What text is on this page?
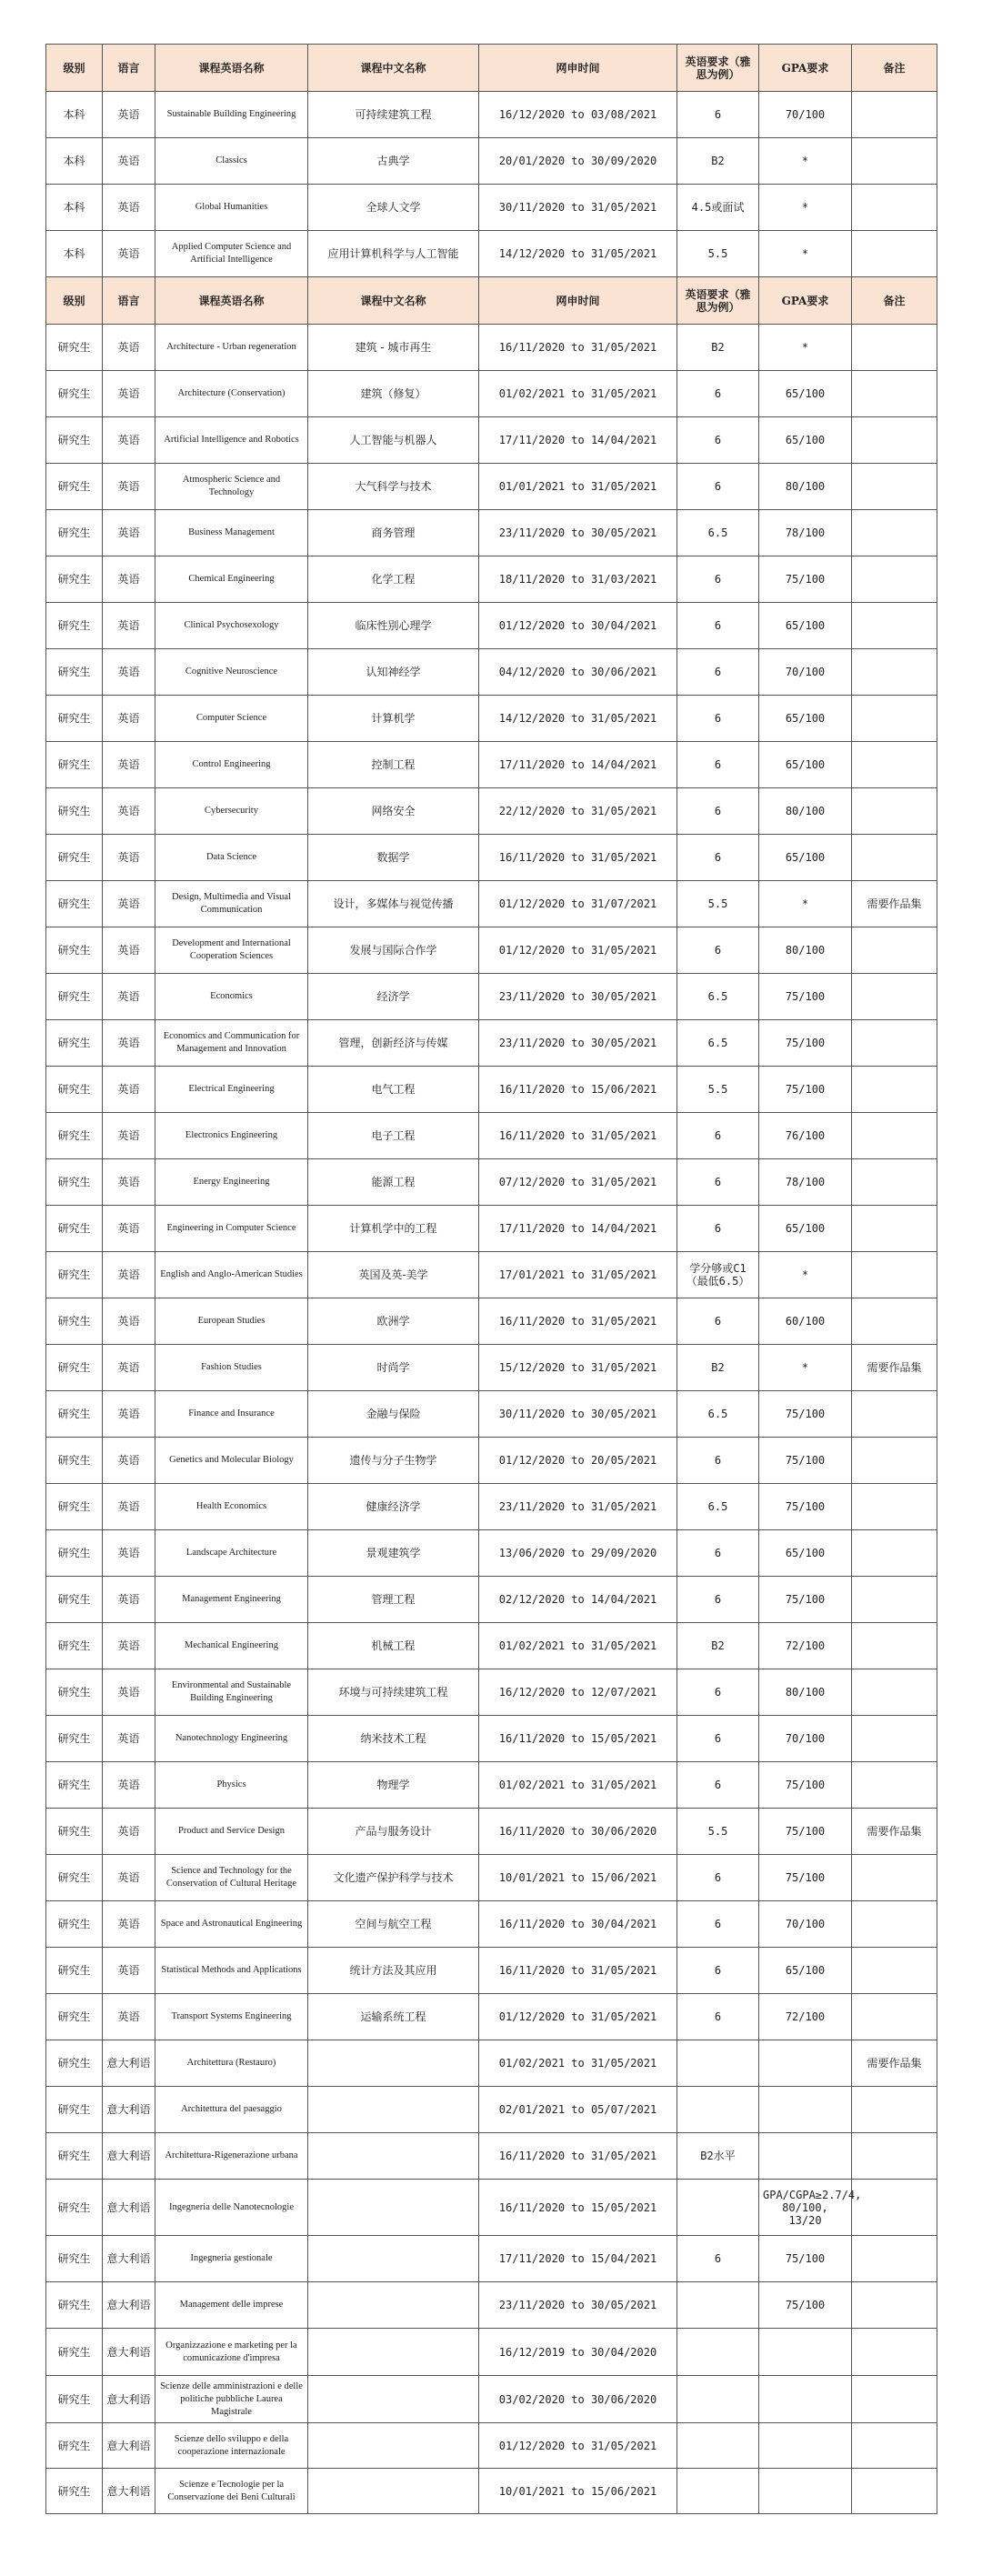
级别	语言	课程英语名称	课程中文名称	网申时间	英语要求（雅思为例）	GPA要求	备注
本科	英语	Sustainable Building Engineering	可持续建筑工程	16/12/2020 to 03/08/2021	6	70/100	
本科	英语	Classics	古典学	20/01/2020 to 30/09/2020	B2	*	
本科	英语	Global Humanities	全球人文学	30/11/2020 to 31/05/2021	4.5或面试	*	
本科	英语	Applied Computer Science and Artificial Intelligence	应用计算机科学与人工智能	14/12/2020 to 31/05/2021	5.5	*	
级别	语言	课程英语名称	课程中文名称	网申时间	英语要求（雅思为例）	GPA要求	备注
研究生	英语	Architecture - Urban regeneration	建筑 - 城市再生	16/11/2020 to 31/05/2021	B2	*	
研究生	英语	Architecture (Conservation)	建筑（修复）	01/02/2021 to 31/05/2021	6	65/100	
研究生	英语	Artificial Intelligence and Robotics	人工智能与机器人	17/11/2020 to 14/04/2021	6	65/100	
研究生	英语	Atmospheric Science and Technology	大气科学与技术	01/01/2021 to 31/05/2021	6	80/100	
研究生	英语	Business Management	商务管理	23/11/2020 to 30/05/2021	6.5	78/100	
研究生	英语	Chemical Engineering	化学工程	18/11/2020 to 31/03/2021	6	75/100	
研究生	英语	Clinical Psychosexology	临床性别心理学	01/12/2020 to 30/04/2021	6	65/100	
研究生	英语	Cognitive Neuroscience	认知神经学	04/12/2020 to 30/06/2021	6	70/100	
研究生	英语	Computer Science	计算机学	14/12/2020 to 31/05/2021	6	65/100	
研究生	英语	Control Engineering	控制工程	17/11/2020 to 14/04/2021	6	65/100	
研究生	英语	Cybersecurity	网络安全	22/12/2020 to 31/05/2021	6	80/100	
研究生	英语	Data Science	数据学	16/11/2020 to 31/05/2021	6	65/100	
研究生	英语	Design, Multimedia and Visual Communication	设计，多媒体与视觉传播	01/12/2020 to 31/07/2021	5.5	*	需要作品集
研究生	英语	Development and International Cooperation Sciences	发展与国际合作学	01/12/2020 to 31/05/2021	6	80/100	
研究生	英语	Economics	经济学	23/11/2020 to 30/05/2021	6.5	75/100	
研究生	英语	Economics and Communication for Management and Innovation	管理，创新经济与传媒	23/11/2020 to 30/05/2021	6.5	75/100	
研究生	英语	Electrical Engineering	电气工程	16/11/2020 to 15/06/2021	5.5	75/100	
研究生	英语	Electronics Engineering	电子工程	16/11/2020 to 31/05/2021	6	76/100	
研究生	英语	Energy Engineering	能源工程	07/12/2020 to 31/05/2021	6	78/100	
研究生	英语	Engineering in Computer Science	计算机学中的工程	17/11/2020 to 14/04/2021	6	65/100	
研究生	英语	English and Anglo-American Studies	英国及英-美学	17/01/2021 to 31/05/2021	学分够或C1（最低6.5）	*	
研究生	英语	European Studies	欧洲学	16/11/2020 to 31/05/2021	6	60/100	
研究生	英语	Fashion Studies	时尚学	15/12/2020 to 31/05/2021	B2	*	需要作品集
研究生	英语	Finance and Insurance	金融与保险	30/11/2020 to 30/05/2021	6.5	75/100	
研究生	英语	Genetics and Molecular Biology	遗传与分子生物学	01/12/2020 to 20/05/2021	6	75/100	
研究生	英语	Health Economics	健康经济学	23/11/2020 to 31/05/2021	6.5	75/100	
研究生	英语	Landscape Architecture	景观建筑学	13/06/2020 to 29/09/2020	6	65/100	
研究生	英语	Management Engineering	管理工程	02/12/2020 to 14/04/2021	6	75/100	
研究生	英语	Mechanical Engineering	机械工程	01/02/2021 to 31/05/2021	B2	72/100	
研究生	英语	Environmental and Sustainable Building Engineering	环境与可持续建筑工程	16/12/2020 to 12/07/2021	6	80/100	
研究生	英语	Nanotechnology Engineering	纳米技术工程	16/11/2020 to 15/05/2021	6	70/100	
研究生	英语	Physics	物理学	01/02/2021 to 31/05/2021	6	75/100	
研究生	英语	Product and Service Design	产品与服务设计	16/11/2020 to 30/06/2020	5.5	75/100	需要作品集
研究生	英语	Science and Technology for the Conservation of Cultural Heritage	文化遗产保护科学与技术	10/01/2021 to 15/06/2021	6	75/100	
研究生	英语	Space and Astronautical Engineering	空间与航空工程	16/11/2020 to 30/04/2021	6	70/100	
研究生	英语	Statistical Methods and Applications	统计方法及其应用	16/11/2020 to 31/05/2021	6	65/100	
研究生	英语	Transport Systems Engineering	运输系统工程	01/12/2020 to 31/05/2021	6	72/100	
研究生	意大利语	Architettura (Restauro)		01/02/2021 to 31/05/2021			需要作品集
研究生	意大利语	Architettura del paesaggio		02/01/2021 to 05/07/2021			
研究生	意大利语	Architettura-Rigenerazione urbana		16/11/2020 to 31/05/2021	B2水平		
研究生	意大利语	Ingegneria delle Nanotecnologie		16/11/2020 to 15/05/2021		GPA/CGPA≥2.7/4, 80/100, 13/20	
研究生	意大利语	Ingegneria gestionale		17/11/2020 to 15/04/2021	6	75/100	
研究生	意大利语	Management delle imprese		23/11/2020 to 30/05/2021		75/100	
研究生	意大利语	Organizzazione e marketing per la comunicazione d'impresa		16/12/2019 to 30/04/2020			
研究生	意大利语	Scienze delle amministrazioni e delle politiche pubbliche Laurea Magistrale		03/02/2020 to 30/06/2020			
研究生	意大利语	Scienze dello sviluppo e della cooperazione internazionale		01/12/2020 to 31/05/2021			
研究生	意大利语	Scienze e Tecnologie per la Conservazione dei Beni Culturali		10/01/2021 to 15/06/2021			
